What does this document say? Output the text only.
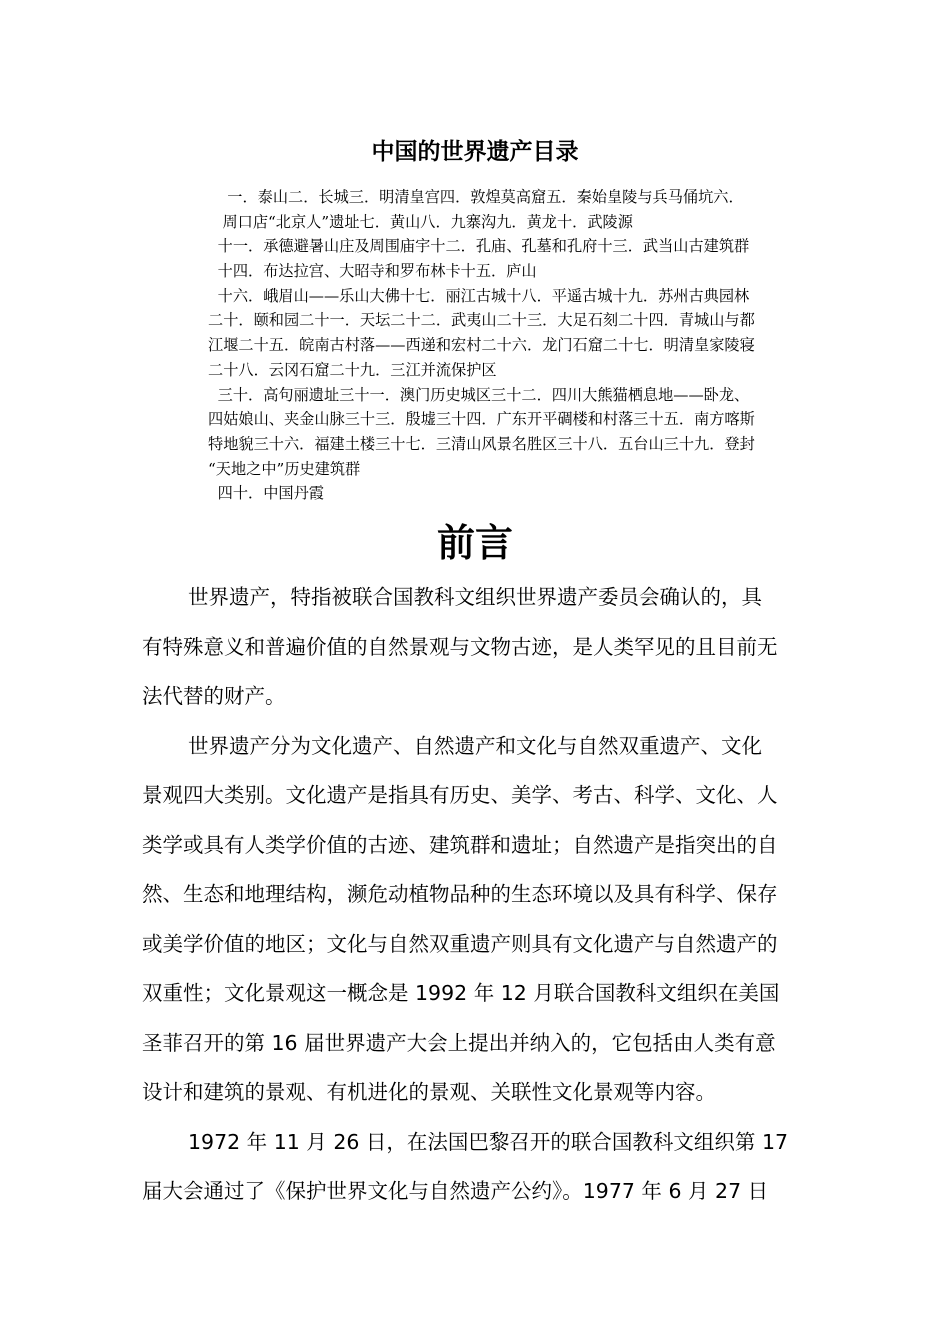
中国的世界遗产目录
一．泰山二．长城三．明清皇宫四．敦煌莫高窟五．秦始皇陵与兵马俑坑六．
周口店“北京人”遗址七．黄山八．九寨沟九．黄龙十．武陵源
十一．承德避暑山庄及周围庙宇十二．孔庙、孔墓和孔府十三．武当山古建筑群
十四．布达拉宫、大昭寺和罗布林卡十五．庐山
十六．峨眉山——乐山大佛十七．丽江古城十八．平遥古城十九．苏州古典园林
二十．颐和园二十一．天坛二十二．武夷山二十三．大足石刻二十四．青城山与都
江堰二十五．皖南古村落——西递和宏村二十六．龙门石窟二十七．明清皇家陵寝
二十八．云冈石窟二十九．三江并流保护区
三十．高句丽遗址三十一．澳门历史城区三十二．四川大熊猫栖息地——卧龙、
四姑娘山、夹金山脉三十三．殷墟三十四．广东开平碉楼和村落三十五．南方喀斯
特地貌三十六．福建土楼三十七．三清山风景名胜区三十八．五台山三十九．登封
“天地之中”历史建筑群
四十．中国丹霞
前言
世界遗产，特指被联合国教科文组织世界遗产委员会确认的，具
有特殊意义和普遍价值的自然景观与文物古迹，是人类罕见的且目前无
法代替的财产。
世界遗产分为文化遗产、自然遗产和文化与自然双重遗产、文化
景观四大类别。文化遗产是指具有历史、美学、考古、科学、文化、人
类学或具有人类学价值的古迹、建筑群和遗址；自然遗产是指突出的自
然、生态和地理结构，濒危动植物品种的生态环境以及具有科学、保存
或美学价值的地区；文化与自然双重遗产则具有文化遗产与自然遗产的
双重性；文化景观这一概念是 1992 年 12 月联合国教科文组织在美国
圣菲召开的第 16 届世界遗产大会上提出并纳入的，它包括由人类有意
设计和建筑的景观、有机进化的景观、关联性文化景观等内容。
1972 年 11 月 26 日，在法国巴黎召开的联合国教科文组织第 17
届大会通过了《保护世界文化与自然遗产公约》。1977 年 6 月 27 日
